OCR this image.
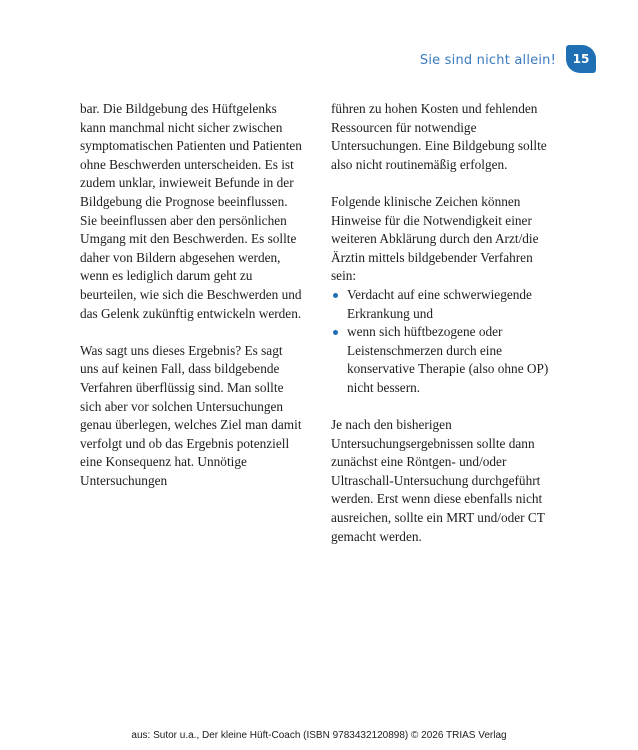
Sie sind nicht allein!	15

bar. Die Bildgebung des Hüftgelenks kann manchmal nicht sicher zwischen symptomatischen Patienten und Patienten ohne Beschwerden unterscheiden. Es ist zudem unklar, inwieweit Befunde in der Bildgebung die Prognose beeinflussen. Sie beeinflussen aber den persönlichen Umgang mit den Beschwerden. Es sollte daher von Bildern abgesehen werden, wenn es lediglich darum geht zu beurteilen, wie sich die Beschwerden und das Gelenk zukünftig entwickeln werden.

Was sagt uns dieses Ergebnis? Es sagt uns auf keinen Fall, dass bildgebende Verfahren überflüssig sind. Man sollte sich aber vor solchen Untersuchungen genau überlegen, welches Ziel man damit verfolgt und ob das Ergebnis potenziell eine Konsequenz hat. Unnötige Untersuchungen

führen zu hohen Kosten und fehlenden Ressourcen für notwendige Untersuchungen. Eine Bildgebung sollte also nicht routinemäßig erfolgen.

Folgende klinische Zeichen können Hinweise für die Notwendigkeit einer weiteren Abklärung durch den Arzt/die Ärztin mittels bildgebender Verfahren sein:

Verdacht auf eine schwerwiegende Erkrankung und
wenn sich hüftbezogene oder Leistenschmerzen durch eine konservative Therapie (also ohne OP) nicht bessern.

Je nach den bisherigen Untersuchungsergebnissen sollte dann zunächst eine Röntgen- und/oder Ultraschall-Untersuchung durchgeführt werden. Erst wenn diese ebenfalls nicht ausreichen, sollte ein MRT und/oder CT gemacht werden.

aus: Sutor u.a., Der kleine Hüft-Coach (ISBN 9783432120898) © 2026 TRIAS Verlag
